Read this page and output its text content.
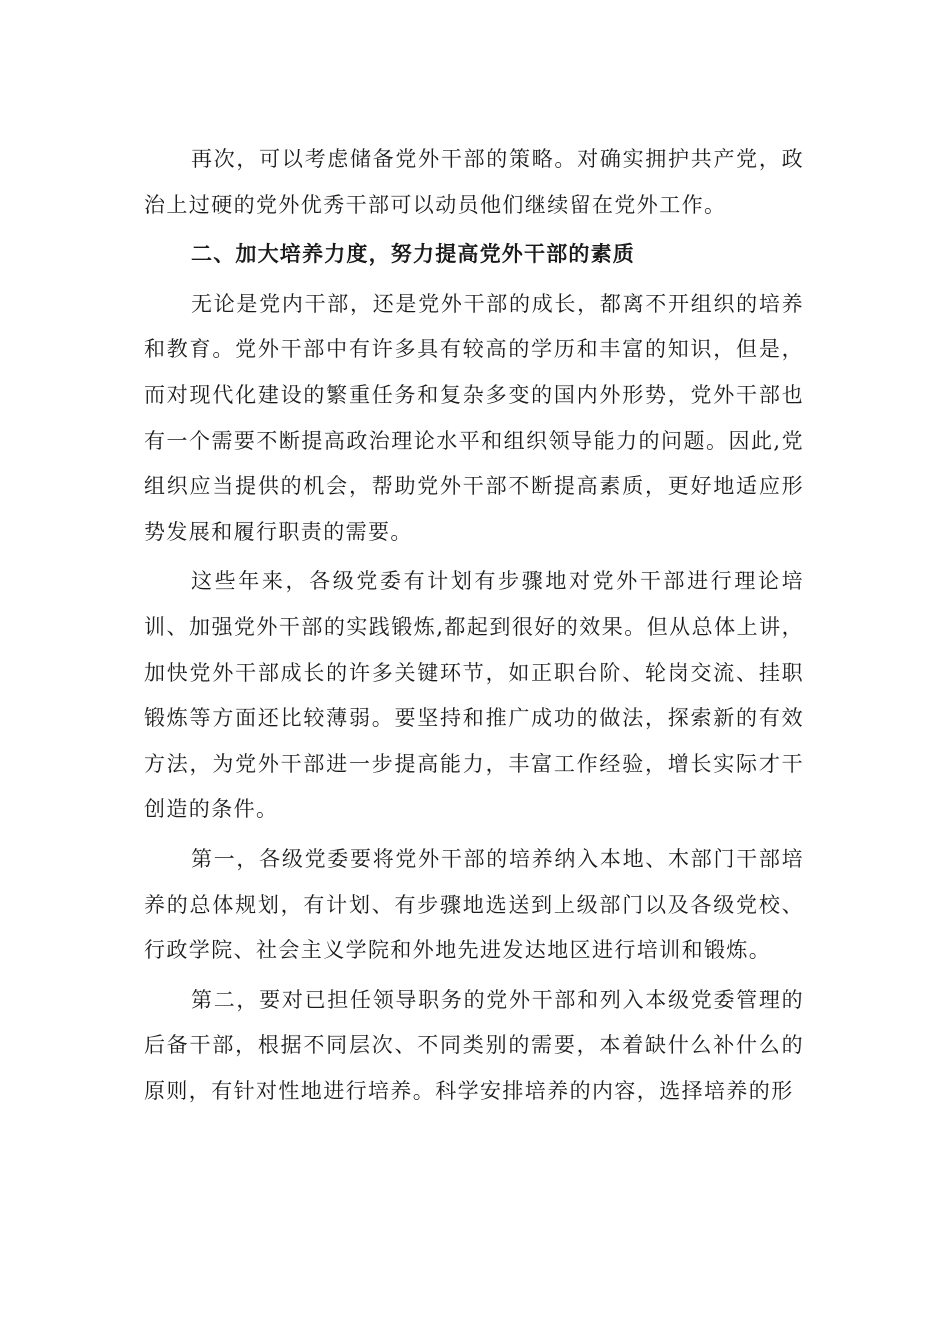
再次，可以考虑储备党外干部的策略。对确实拥护共产党，政治上过硬的党外优秀干部可以动员他们继续留在党外工作。

二、加大培养力度，努力提高党外干部的素质

无论是党内干部，还是党外干部的成长，都离不开组织的培养和教育。党外干部中有许多具有较高的学历和丰富的知识，但是，而对现代化建设的繁重任务和复杂多变的国内外形势，党外干部也有一个需要不断提高政治理论水平和组织领导能力的问题。因此,党组织应当提供的机会，帮助党外干部不断提高素质，更好地适应形势发展和履行职责的需要。

这些年来，各级党委有计划有步骤地对党外干部进行理论培训、加强党外干部的实践锻炼,都起到很好的效果。但从总体上讲，加快党外干部成长的许多关键环节，如正职台阶、轮岗交流、挂职锻炼等方面还比较薄弱。要坚持和推广成功的做法，探索新的有效方法，为党外干部进一步提高能力，丰富工作经验，增长实际才干创造的条件。

第一，各级党委要将党外干部的培养纳入本地、木部门干部培养的总体规划，有计划、有步骤地选送到上级部门以及各级党校、行政学院、社会主义学院和外地先进发达地区进行培训和锻炼。

第二，要对已担任领导职务的党外干部和列入本级党委管理的后备干部，根据不同层次、不同类别的需要，本着缺什么补什么的原则，有针对性地进行培养。科学安排培养的内容，选择培养的形
